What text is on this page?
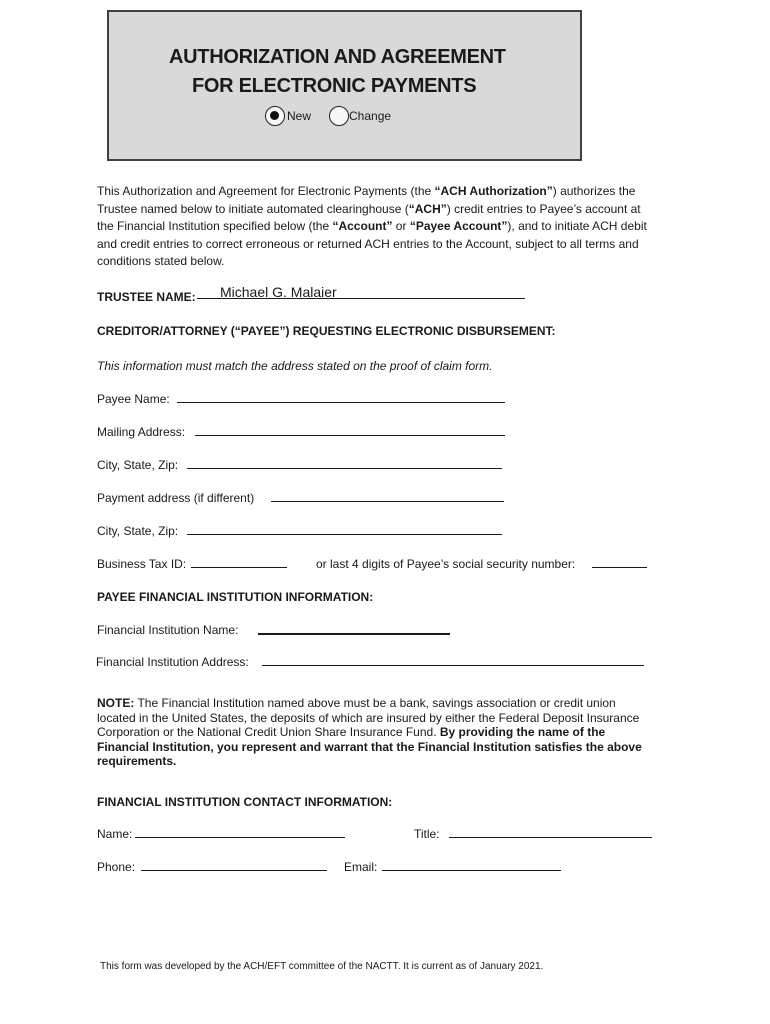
AUTHORIZATION AND AGREEMENT
FOR ELECTRONIC PAYMENTS
New	Change
This Authorization and Agreement for Electronic Payments (the “ACH Authorization”) authorizes the
Trustee named below to initiate automated clearinghouse (“ACH”) credit entries to Payee’s account at
the Financial Institution specified below (the “Account” or “Payee Account”), and to initiate ACH debit
and credit entries to correct erroneous or returned ACH entries to the Account, subject to all terms and
conditions stated below.
TRUSTEE NAME: Michael G. Malaier
CREDITOR/ATTORNEY (“PAYEE”) REQUESTING ELECTRONIC DISBURSEMENT:
This information must match the address stated on the proof of claim form.
Payee Name:
Mailing Address:
City, State, Zip:
Payment address (if different)
City, State, Zip:
Business Tax ID:	or last 4 digits of Payee’s social security number:
PAYEE FINANCIAL INSTITUTION INFORMATION:
Financial Institution Name:
Financial Institution Address:
NOTE: The Financial Institution named above must be a bank, savings association or credit union
located in the United States, the deposits of which are insured by either the Federal Deposit Insurance
Corporation or the National Credit Union Share Insurance Fund. By providing the name of the
Financial Institution, you represent and warrant that the Financial Institution satisfies the above
requirements.
FINANCIAL INSTITUTION CONTACT INFORMATION:
Name:	Title:
Phone:	Email:
This form was developed by the ACH/EFT committee of the NACTT. It is current as of January 2021.
